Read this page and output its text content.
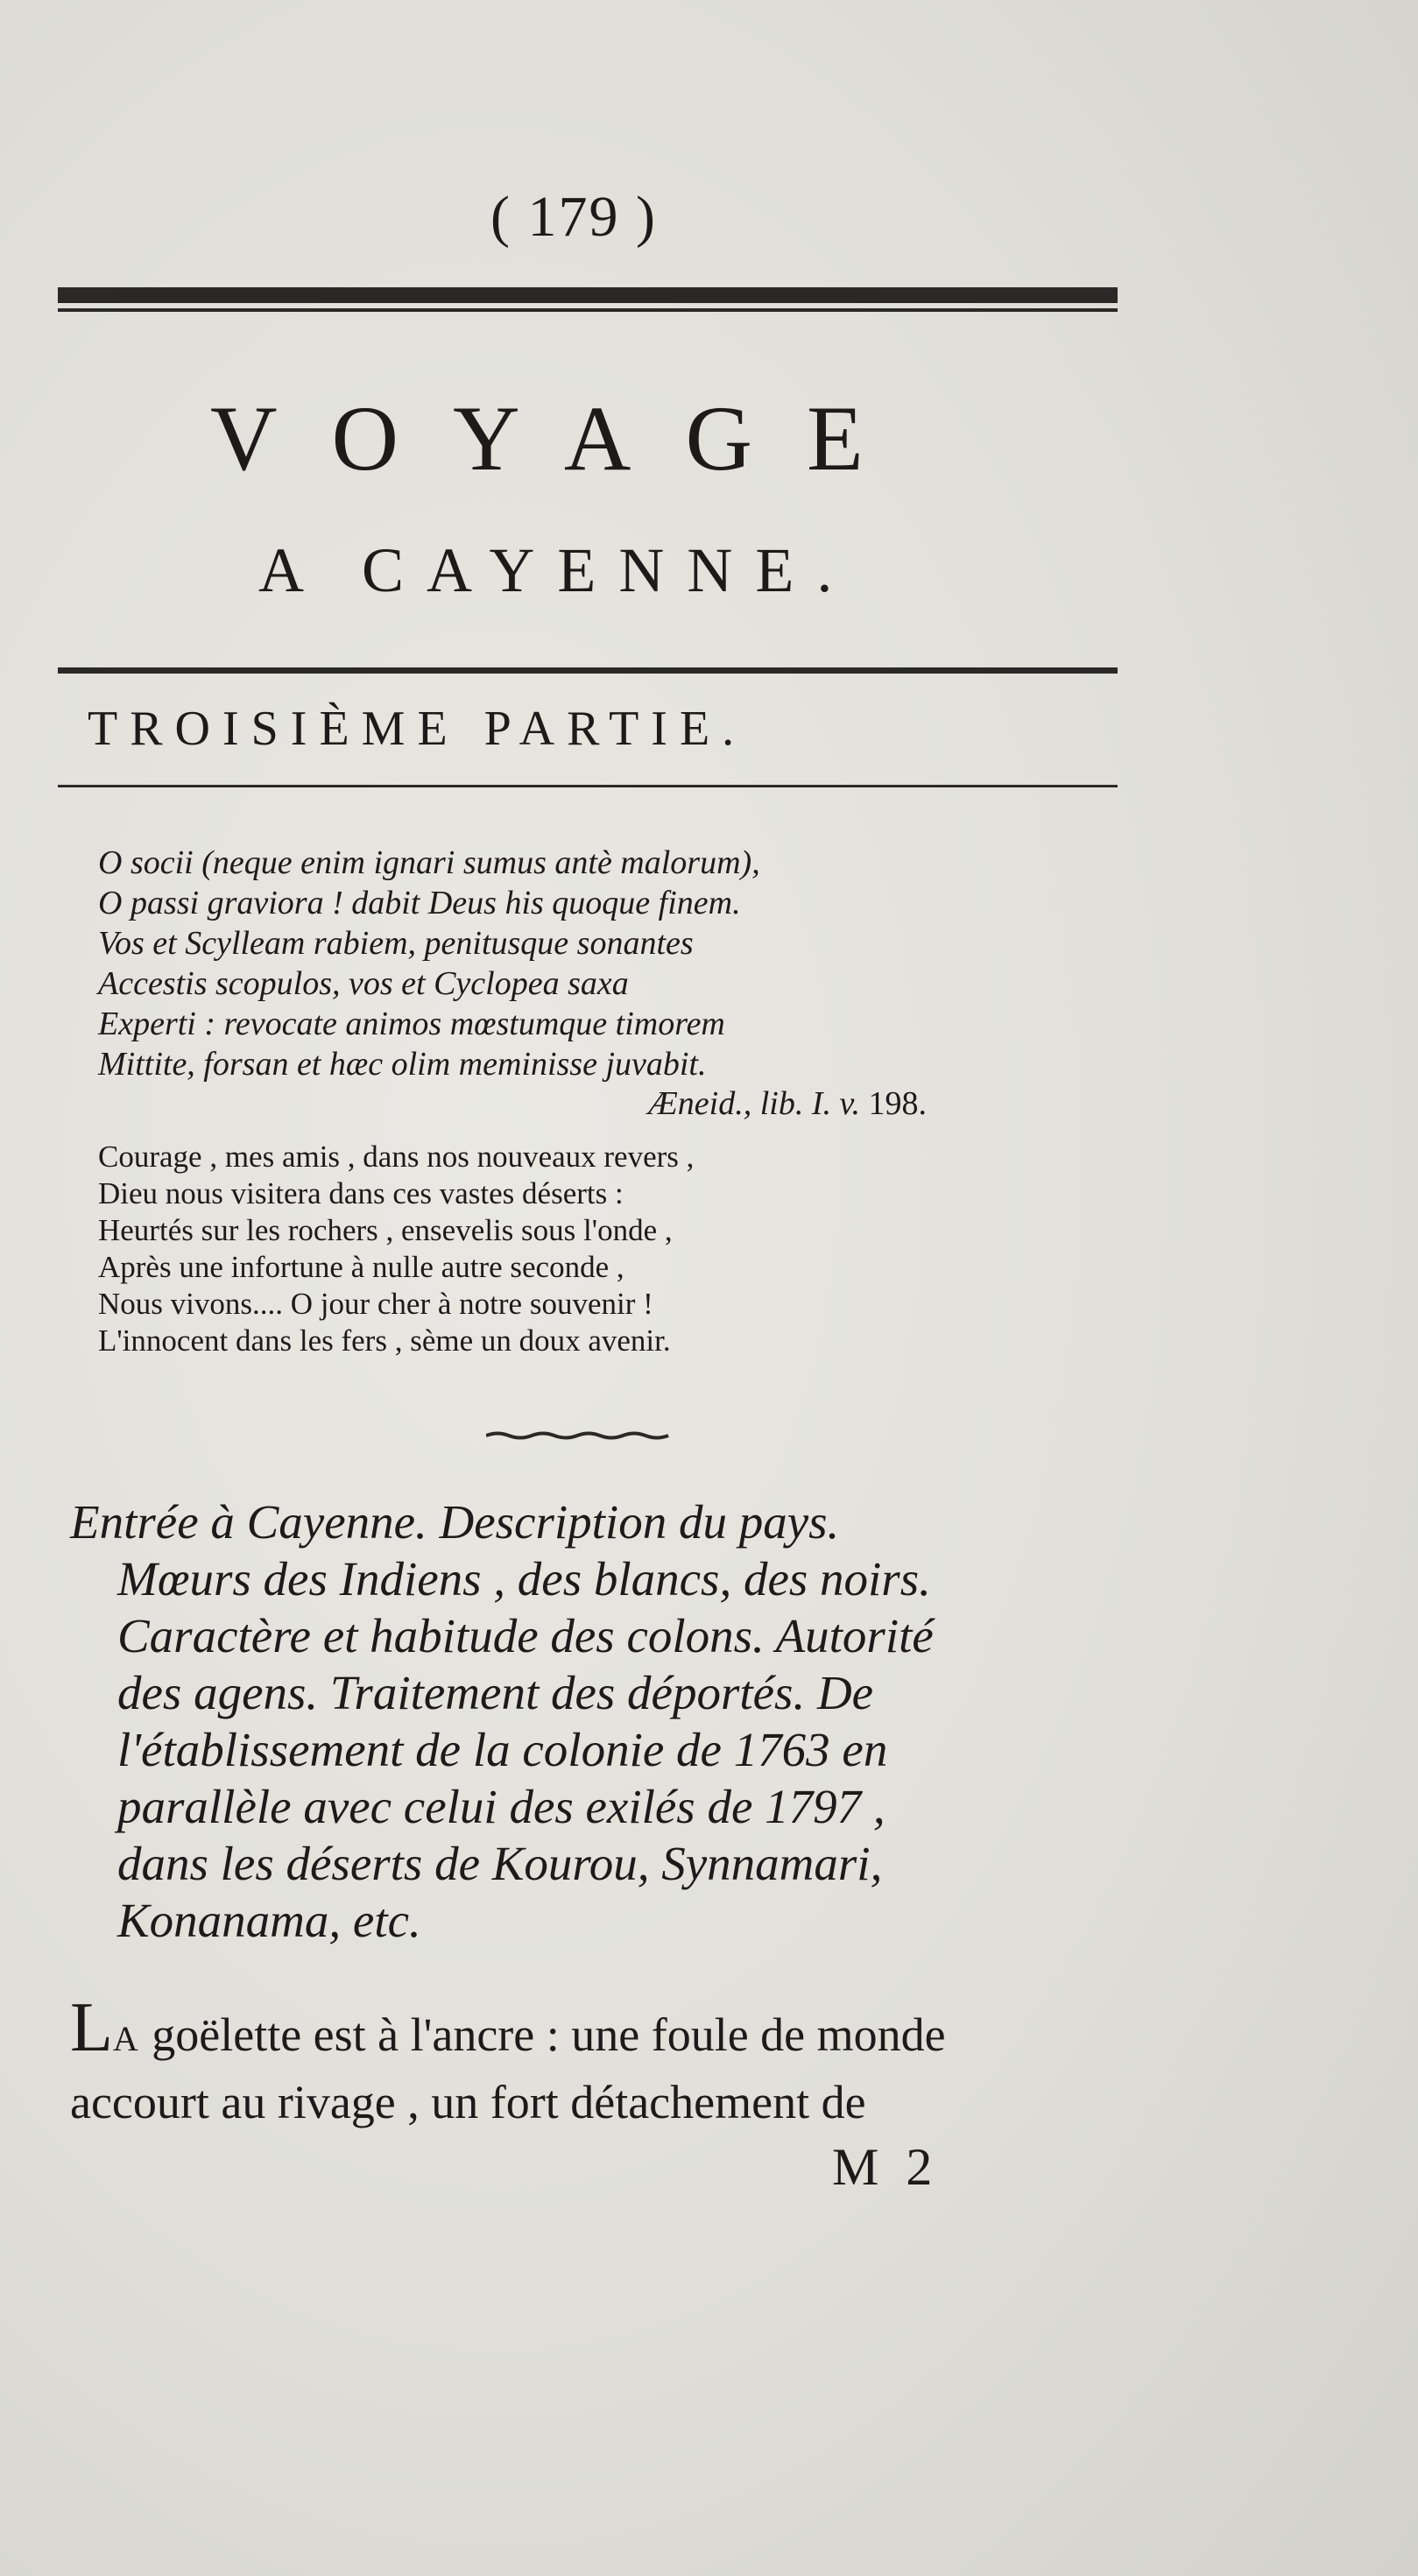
( 179 )
VOYAGE
A CAYENNE.
TROISIÈME PARTIE.
O socii (neque enim ignari sumus antè malorum),
O passi graviora ! dabit Deus his quoque finem.
Vos et Scylleam rabiem, penitusque sonantes
Accestis scopulos, vos et Cyclopea saxa
Experti : revocate animos mœstumque timorem
Mittite, forsan et hæc olim meminisse juvabit.
Æneid., lib. I. v. 198.
Courage , mes amis , dans nos nouveaux revers ,
Dieu nous visitera dans ces vastes déserts :
Heurtés sur les rochers , ensevelis sous l'onde ,
Après une infortune à nulle autre seconde ,
Nous vivons.... O jour cher à notre souvenir !
L'innocent dans les fers , sème un doux avenir.
Entrée à Cayenne. Description du pays.
Mœurs des Indiens , des blancs, des noirs.
Caractère et habitude des colons. Autorité
des agens. Traitement des déportés. De
l'établissement de la colonie de 1763 en
parallèle avec celui des exilés de 1797 ,
dans les déserts de Kourou, Synnamari,
Konanama, etc.
LA goëlette est à l'ancre : une foule de monde
accourt au rivage , un fort détachement de
M 2
